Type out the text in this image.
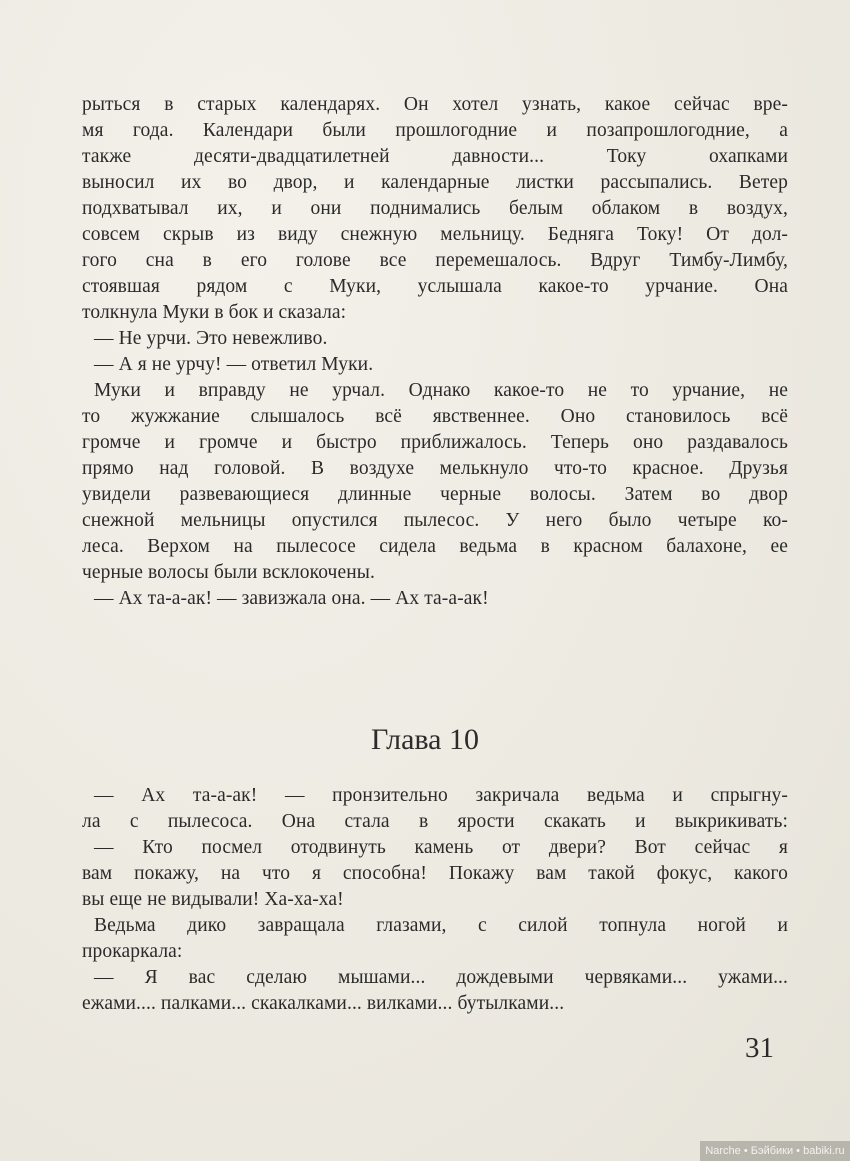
рыться в старых календарях. Он хотел узнать, какое сейчас вре-
мя года. Календари были прошлогодние и позапрошлогодние, а
также десяти-двадцатилетней давности... Току охапками
выносил их во двор, и календарные листки рассыпались. Ветер
подхватывал их, и они поднимались белым облаком в воздух,
совсем скрыв из виду снежную мельницу. Бедняга Току! От дол-
гого сна в его голове все перемешалось. Вдруг Тимбу-Лимбу,
стоявшая рядом с Муки, услышала какое-то урчание. Она
толкнула Муки в бок и сказала:
— Не урчи. Это невежливо.
— А я не урчу! — ответил Муки.
Муки и вправду не урчал. Однако какое-то не то урчание, не
то жужжание слышалось всё явственнее. Оно становилось всё
громче и громче и быстро приближалось. Теперь оно раздавалось
прямо над головой. В воздухе мелькнуло что-то красное. Друзья
увидели развевающиеся длинные черные волосы. Затем во двор
снежной мельницы опустился пылесос. У него было четыре ко-
леса. Верхом на пылесосе сидела ведьма в красном балахоне, ее
черные волосы были всклокочены.
— Ах та-а-ак! — завизжала она. — Ах та-а-ак!
Глава 10
— Ах та-а-ак! — пронзительно закричала ведьма и спрыгну-
ла с пылесоса. Она стала в ярости скакать и выкрикивать:
— Кто посмел отодвинуть камень от двери? Вот сейчас я
вам покажу, на что я способна! Покажу вам такой фокус, какого
вы еще не видывали! Ха-ха-ха!
Ведьма дико завращала глазами, с силой топнула ногой и
прокаркала:
— Я вас сделаю мышами... дождевыми червяками... ужами...
ежами.... палками... скакалками... вилками... бутылками...
31
Narche • Бэйбики • babiki.ru
